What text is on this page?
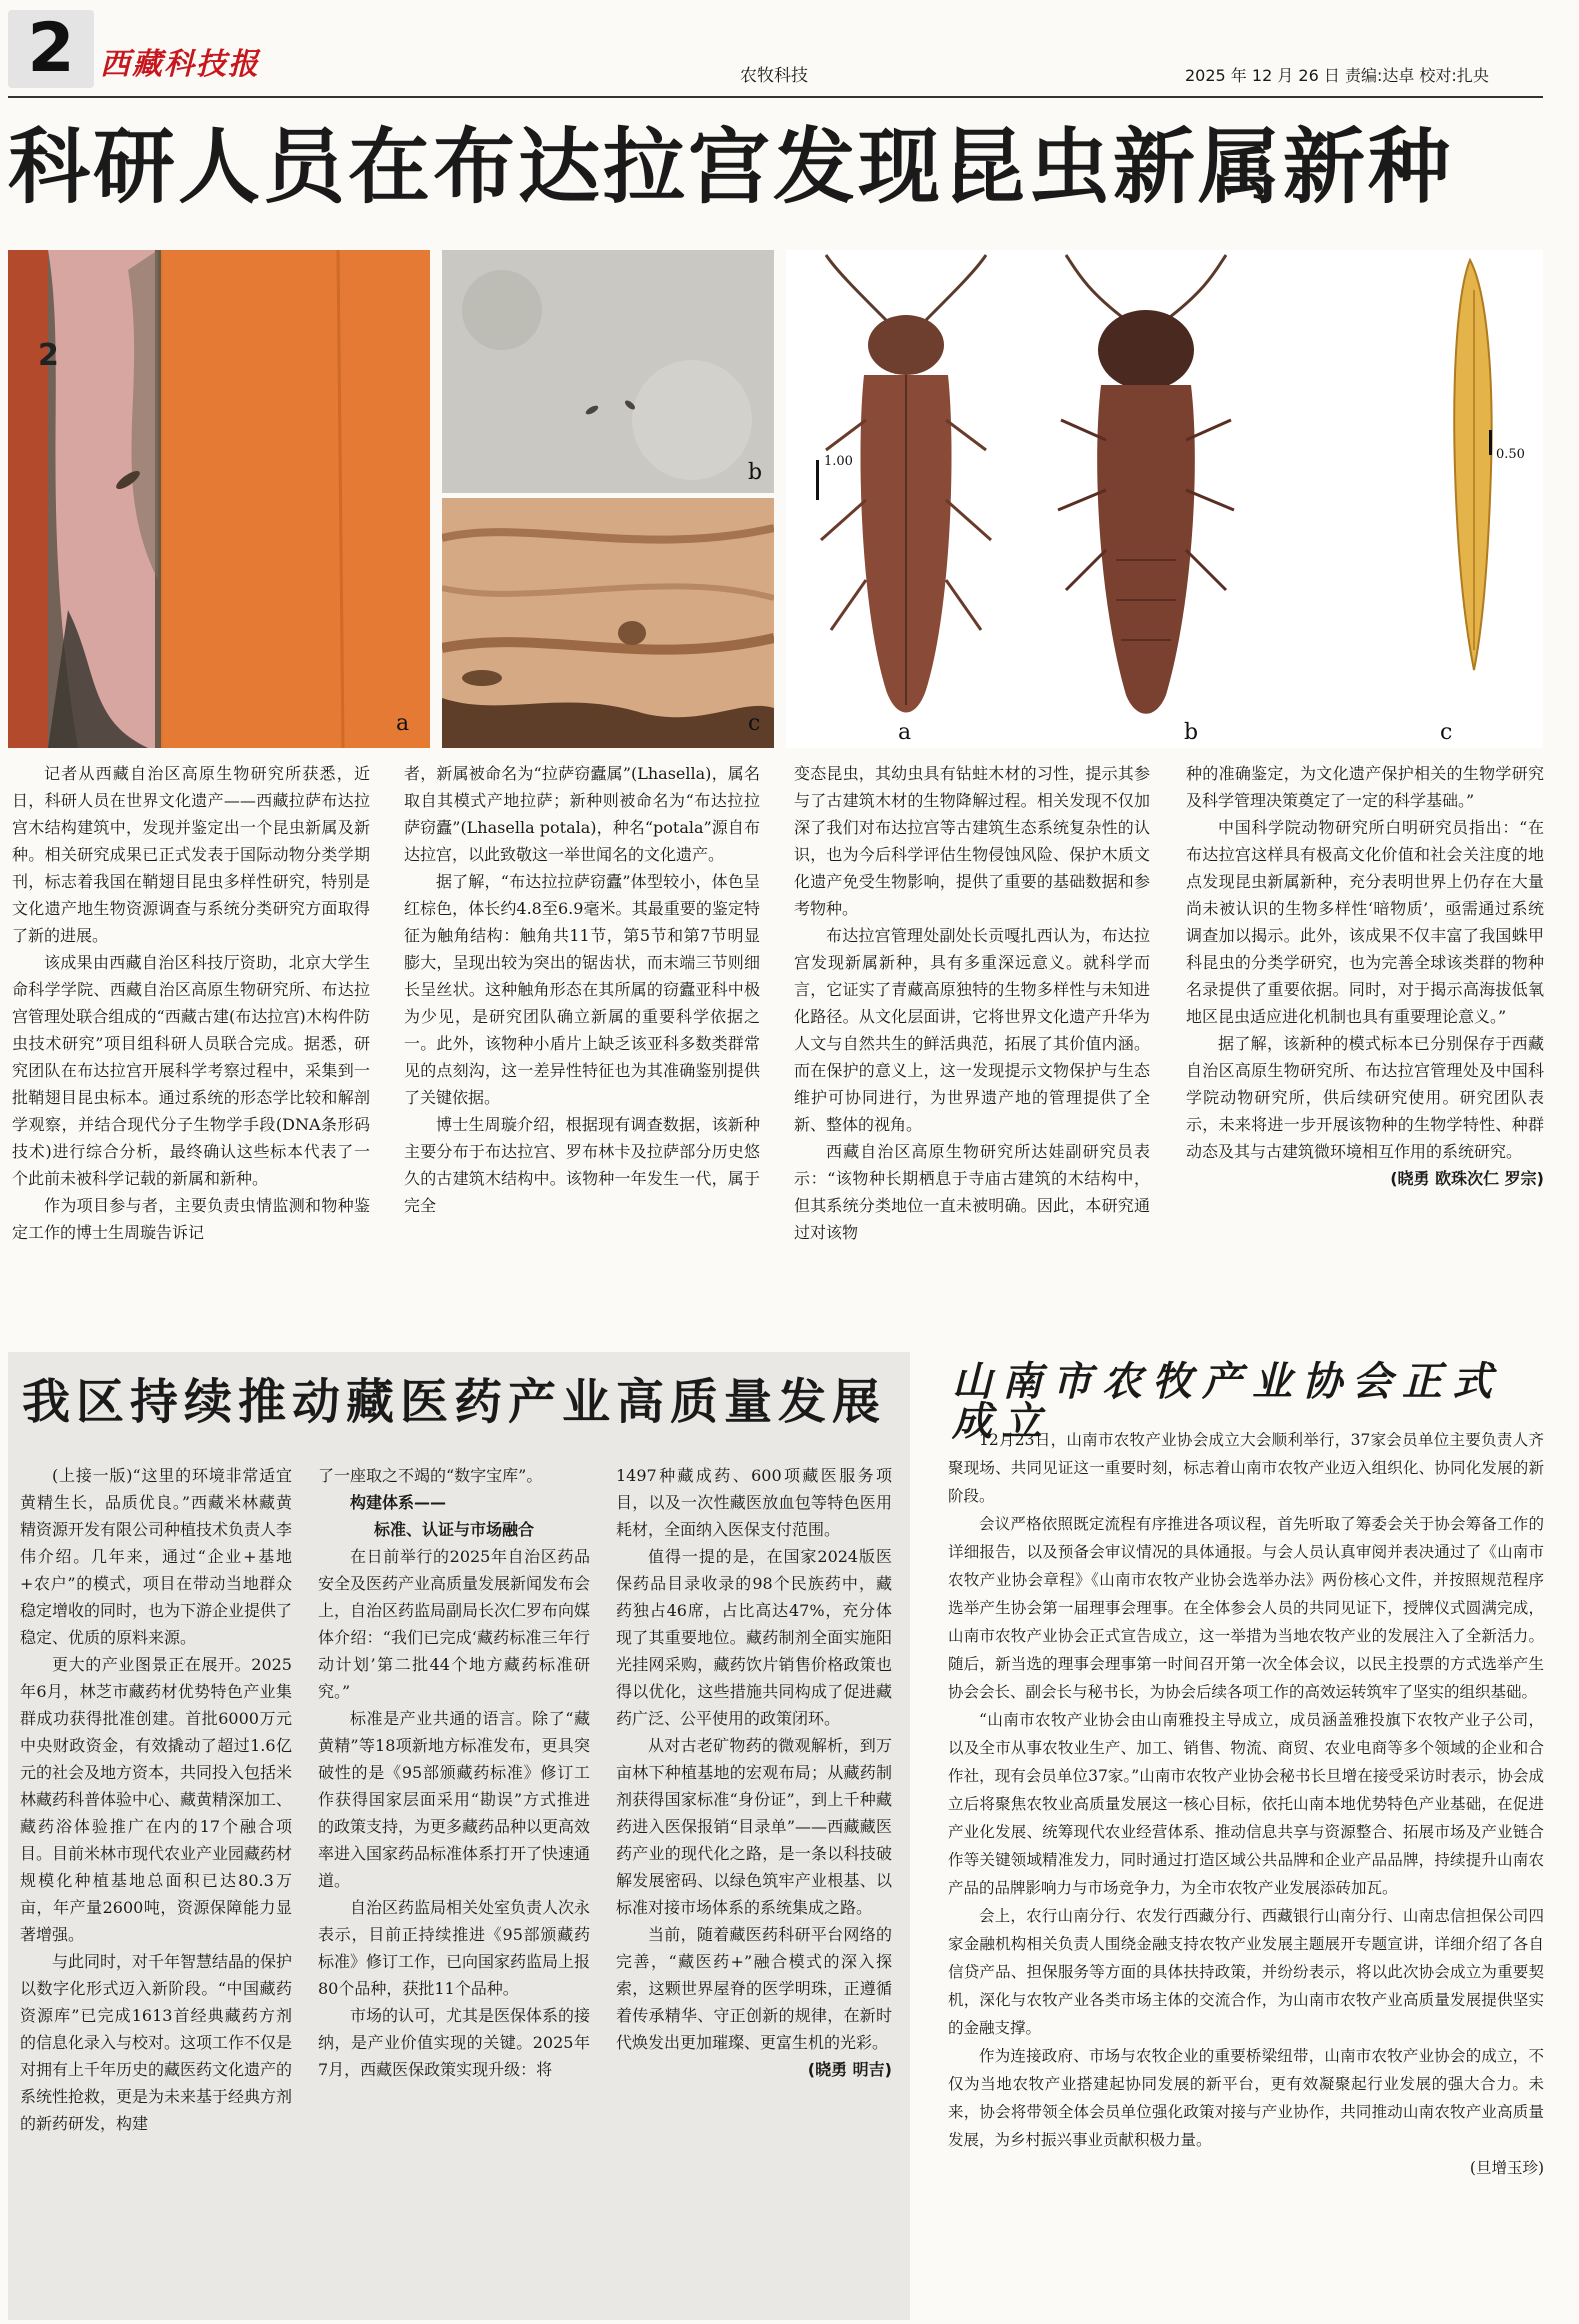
2 西藏科技报	农牧科技	2025 年 12 月 26 日 责编:达卓 校对:扎央
科研人员在布达拉宫发现昆虫新属新种
2
a
b
c
1.00	0.50
a	b	c

记者从西藏自治区高原生物研究所获悉，近日，科研人员在世界文化遗产——西藏拉萨布达拉宫木结构建筑中，发现并鉴定出一个昆虫新属及新种。相关研究成果已正式发表于国际动物分类学期刊，标志着我国在鞘翅目昆虫多样性研究，特别是文化遗产地生物资源调查与系统分类研究方面取得了新的进展。

该成果由西藏自治区科技厅资助，北京大学生命科学学院、西藏自治区高原生物研究所、布达拉宫管理处联合组成的“西藏古建(布达拉宫)木构件防虫技术研究”项目组科研人员联合完成。据悉，研究团队在布达拉宫开展科学考察过程中，采集到一批鞘翅目昆虫标本。通过系统的形态学比较和解剖学观察，并结合现代分子生物学手段(DNA条形码技术)进行综合分析，最终确认这些标本代表了一个此前未被科学记载的新属和新种。

作为项目参与者，主要负责虫情监测和物种鉴定工作的博士生周璇告诉记

者，新属被命名为“拉萨窃蠹属”(Lhasella)，属名取自其模式产地拉萨；新种则被命名为“布达拉拉萨窃蠹”(Lhasella potala)，种名“potala”源自布达拉宫，以此致敬这一举世闻名的文化遗产。

据了解，“布达拉拉萨窃蠹”体型较小，体色呈红棕色，体长约4.8至6.9毫米。其最重要的鉴定特征为触角结构：触角共11节，第5节和第7节明显膨大，呈现出较为突出的锯齿状，而末端三节则细长呈丝状。这种触角形态在其所属的窃蠹亚科中极为少见，是研究团队确立新属的重要科学依据之一。此外，该物种小盾片上缺乏该亚科多数类群常见的点刻沟，这一差异性特征也为其准确鉴别提供了关键依据。

博士生周璇介绍，根据现有调查数据，该新种主要分布于布达拉宫、罗布林卡及拉萨部分历史悠久的古建筑木结构中。该物种一年发生一代，属于完全

变态昆虫，其幼虫具有钻蛀木材的习性，提示其参与了古建筑木材的生物降解过程。相关发现不仅加深了我们对布达拉宫等古建筑生态系统复杂性的认识，也为今后科学评估生物侵蚀风险、保护木质文化遗产免受生物影响，提供了重要的基础数据和参考物种。

布达拉宫管理处副处长贡嘎扎西认为，布达拉宫发现新属新种，具有多重深远意义。就科学而言，它证实了青藏高原独特的生物多样性与未知进化路径。从文化层面讲，它将世界文化遗产升华为人文与自然共生的鲜活典范，拓展了其价值内涵。而在保护的意义上，这一发现提示文物保护与生态维护可协同进行，为世界遗产地的管理提供了全新、整体的视角。

西藏自治区高原生物研究所达娃副研究员表示：“该物种长期栖息于寺庙古建筑的木结构中，但其系统分类地位一直未被明确。因此，本研究通过对该物

种的准确鉴定，为文化遗产保护相关的生物学研究及科学管理决策奠定了一定的科学基础。”

中国科学院动物研究所白明研究员指出：“在布达拉宫这样具有极高文化价值和社会关注度的地点发现昆虫新属新种，充分表明世界上仍存在大量尚未被认识的生物多样性‘暗物质’，亟需通过系统调查加以揭示。此外，该成果不仅丰富了我国蛛甲科昆虫的分类学研究，也为完善全球该类群的物种名录提供了重要依据。同时，对于揭示高海拔低氧地区昆虫适应进化机制也具有重要理论意义。”

据了解，该新种的模式标本已分别保存于西藏自治区高原生物研究所、布达拉宫管理处及中国科学院动物研究所，供后续研究使用。研究团队表示，未来将进一步开展该物种的生物学特性、种群动态及其与古建筑微环境相互作用的系统研究。

(晓勇 欧珠次仁 罗宗)

我区持续推动藏医药产业高质量发展

(上接一版)“这里的环境非常适宜黄精生长，品质优良。”西藏米林藏黄精资源开发有限公司种植技术负责人李伟介绍。几年来，通过“企业+基地+农户”的模式，项目在带动当地群众稳定增收的同时，也为下游企业提供了稳定、优质的原料来源。

更大的产业图景正在展开。2025年6月，林芝市藏药材优势特色产业集群成功获得批准创建。首批6000万元中央财政资金，有效撬动了超过1.6亿元的社会及地方资本，共同投入包括米林藏药科普体验中心、藏黄精深加工、藏药浴体验推广在内的17个融合项目。目前米林市现代农业产业园藏药材规模化种植基地总面积已达80.3万亩，年产量2600吨，资源保障能力显著增强。

与此同时，对千年智慧结晶的保护以数字化形式迈入新阶段。“中国藏药资源库”已完成1613首经典藏药方剂的信息化录入与校对。这项工作不仅是对拥有上千年历史的藏医药文化遗产的系统性抢救，更是为未来基于经典方剂的新药研发，构建

了一座取之不竭的“数字宝库”。

构建体系——

标准、认证与市场融合

在日前举行的2025年自治区药品安全及医药产业高质量发展新闻发布会上，自治区药监局副局长次仁罗布向媒体介绍：“我们已完成‘藏药标准三年行动计划’第二批44个地方藏药标准研究。”

标准是产业共通的语言。除了“藏黄精”等18项新地方标准发布，更具突破性的是《95部颁藏药标准》修订工作获得国家层面采用“勘误”方式推进的政策支持，为更多藏药品种以更高效率进入国家药品标准体系打开了快速通道。

自治区药监局相关处室负责人次永表示，目前正持续推进《95部颁藏药标准》修订工作，已向国家药监局上报80个品种，获批11个品种。

市场的认可，尤其是医保体系的接纳，是产业价值实现的关键。2025年7月，西藏医保政策实现升级：将

1497种藏成药、600项藏医服务项目，以及一次性藏医放血包等特色医用耗材，全面纳入医保支付范围。

值得一提的是，在国家2024版医保药品目录收录的98个民族药中，藏药独占46席，占比高达47%，充分体现了其重要地位。藏药制剂全面实施阳光挂网采购，藏药饮片销售价格政策也得以优化，这些措施共同构成了促进藏药广泛、公平使用的政策闭环。

从对古老矿物药的微观解析，到万亩林下种植基地的宏观布局；从藏药制剂获得国家标准“身份证”，到上千种藏药进入医保报销“目录单”——西藏藏医药产业的现代化之路，是一条以科技破解发展密码、以绿色筑牢产业根基、以标准对接市场体系的系统集成之路。

当前，随着藏医药科研平台网络的完善，“藏医药+”融合模式的深入探索，这颗世界屋脊的医学明珠，正遵循着传承精华、守正创新的规律，在新时代焕发出更加璀璨、更富生机的光彩。

(晓勇 明吉)

山南市农牧产业协会正式成立

12月23日，山南市农牧产业协会成立大会顺利举行，37家会员单位主要负责人齐聚现场、共同见证这一重要时刻，标志着山南市农牧产业迈入组织化、协同化发展的新阶段。

会议严格依照既定流程有序推进各项议程，首先听取了筹委会关于协会筹备工作的详细报告，以及预备会审议情况的具体通报。与会人员认真审阅并表决通过了《山南市农牧产业协会章程》《山南市农牧产业协会选举办法》两份核心文件，并按照规范程序选举产生协会第一届理事会理事。在全体参会人员的共同见证下，授牌仪式圆满完成，山南市农牧产业协会正式宣告成立，这一举措为当地农牧产业的发展注入了全新活力。随后，新当选的理事会理事第一时间召开第一次全体会议，以民主投票的方式选举产生协会会长、副会长与秘书长，为协会后续各项工作的高效运转筑牢了坚实的组织基础。

“山南市农牧产业协会由山南雅投主导成立，成员涵盖雅投旗下农牧产业子公司，以及全市从事农牧业生产、加工、销售、物流、商贸、农业电商等多个领域的企业和合作社，现有会员单位37家。”山南市农牧产业协会秘书长旦增在接受采访时表示，协会成立后将聚焦农牧业高质量发展这一核心目标，依托山南本地优势特色产业基础，在促进产业化发展、统筹现代农业经营体系、推动信息共享与资源整合、拓展市场及产业链合作等关键领域精准发力，同时通过打造区域公共品牌和企业产品品牌，持续提升山南农产品的品牌影响力与市场竞争力，为全市农牧产业发展添砖加瓦。

会上，农行山南分行、农发行西藏分行、西藏银行山南分行、山南忠信担保公司四家金融机构相关负责人围绕金融支持农牧产业发展主题展开专题宣讲，详细介绍了各自信贷产品、担保服务等方面的具体扶持政策，并纷纷表示，将以此次协会成立为重要契机，深化与农牧产业各类市场主体的交流合作，为山南市农牧产业高质量发展提供坚实的金融支撑。

作为连接政府、市场与农牧企业的重要桥梁纽带，山南市农牧产业协会的成立，不仅为当地农牧产业搭建起协同发展的新平台，更有效凝聚起行业发展的强大合力。未来，协会将带领全体会员单位强化政策对接与产业协作，共同推动山南农牧产业高质量发展，为乡村振兴事业贡献积极力量。

(旦增玉珍)
